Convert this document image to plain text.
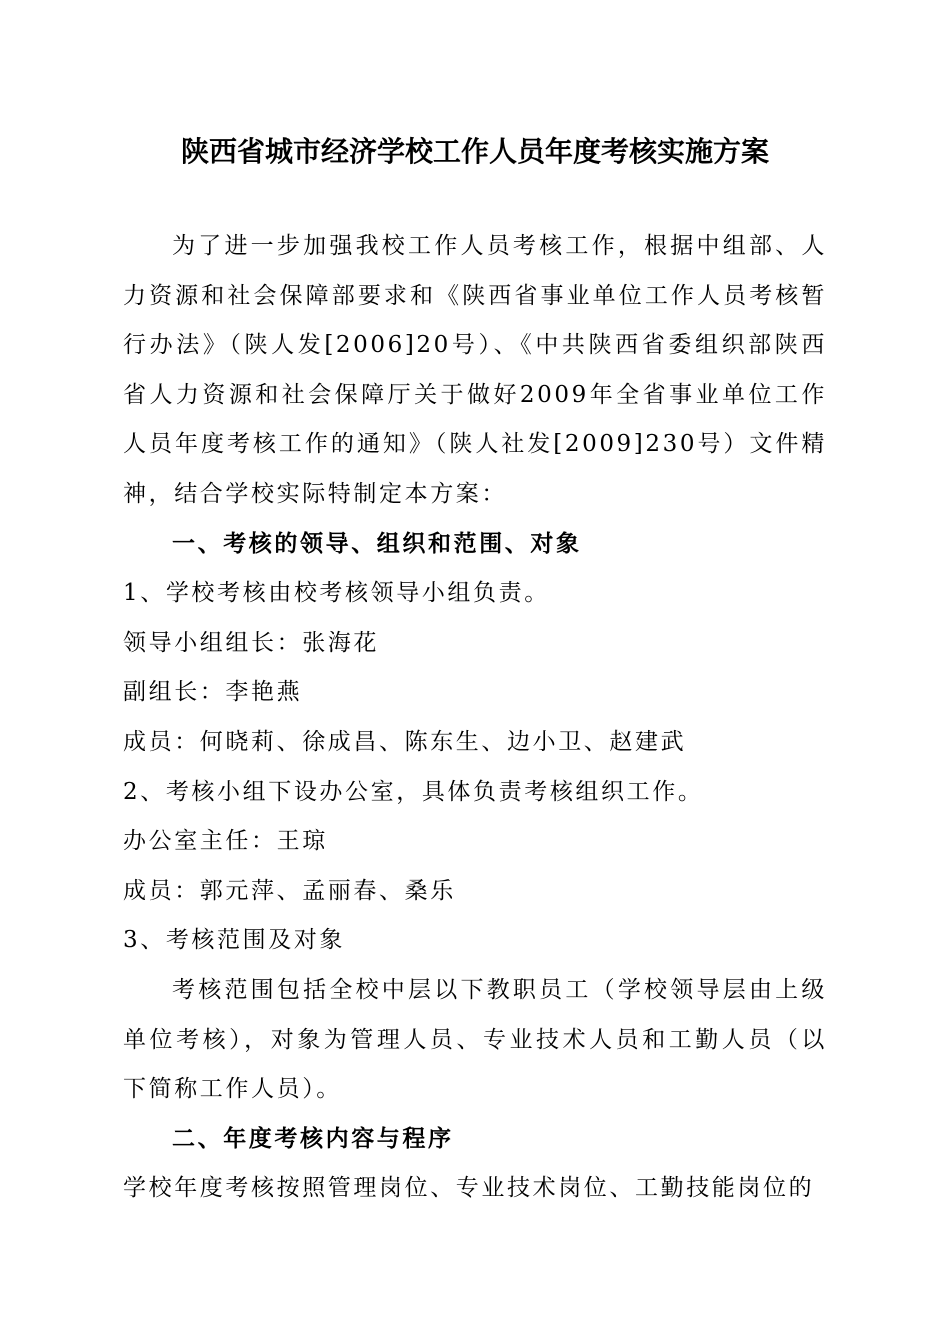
陕西省城市经济学校工作人员年度考核实施方案

为了进一步加强我校工作人员考核工作，根据中组部、人力资源和社会保障部要求和《陕西省事业单位工作人员考核暂行办法》（陕人发[2006]20号）、《中共陕西省委组织部陕西省人力资源和社会保障厅关于做好2009年全省事业单位工作人员年度考核工作的通知》（陕人社发[2009]230号）文件精神，结合学校实际特制定本方案：

一、考核的领导、组织和范围、对象

1、学校考核由校考核领导小组负责。

领导小组组长：张海花

副组长：李艳燕

成员：何晓莉、徐成昌、陈东生、边小卫、赵建武

2、考核小组下设办公室，具体负责考核组织工作。

办公室主任：王琼

成员：郭元萍、孟丽春、桑乐

3、考核范围及对象

考核范围包括全校中层以下教职员工（学校领导层由上级单位考核），对象为管理人员、专业技术人员和工勤人员（以下简称工作人员）。

二、年度考核内容与程序

学校年度考核按照管理岗位、专业技术岗位、工勤技能岗位的
